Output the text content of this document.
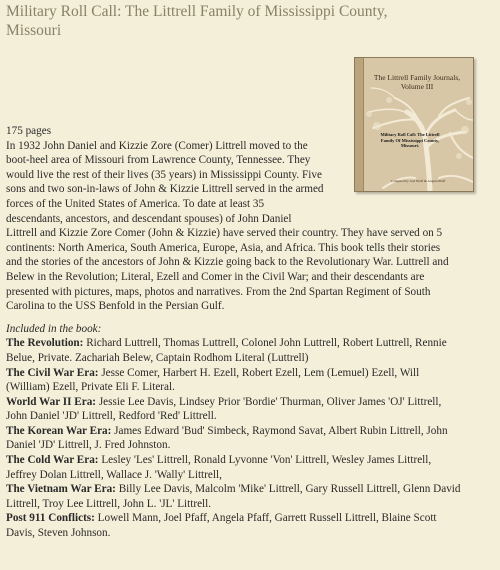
Military Roll Call: The Littrell Family of Mississippi County, Missouri
The Littrell Family Journals, Volume III
Military Roll Call: The Littrell Family Of Mississippi County, Missouri.
Compiled by Joel Pfaff & Angela Pfaff

175 pages

In 1932 John Daniel and Kizzie Zore (Comer) Littrell moved to the
boot-heel area of Missouri from Lawrence County, Tennessee. They
would live the rest of their lives (35 years) in Mississippi County. Five
sons and two son-in-laws of John & Kizzie Littrell served in the armed
forces of the United States of America. To date at least 35
descendants, ancestors, and descendant spouses) of John Daniel
Littrell and Kizzie Zore Comer (John & Kizzie) have served their country. They have served on 5
continents: North America, South America, Europe, Asia, and Africa. This book tells their stories
and the stories of the ancestors of John & Kizzie going back to the Revolutionary War. Luttrell and
Belew in the Revolution; Literal, Ezell and Comer in the Civil War; and their descendants are
presented with pictures, maps, photos and narratives. From the 2nd Spartan Regiment of South
Carolina to the USS Benfold in the Persian Gulf.

Included in the book:

The Revolution: Richard Luttrell, Thomas Luttrell, Colonel John Luttrell, Robert Luttrell, Rennie
Belue, Private. Zachariah Belew, Captain Rodhom Literal (Luttrell)
The Civil War Era: Jesse Comer, Harbert H. Ezell, Robert Ezell, Lem (Lemuel) Ezell, Will
(William) Ezell, Private Eli F. Literal.
World War II Era: Jessie Lee Davis, Lindsey Prior 'Bordie' Thurman, Oliver James 'OJ' Littrell,
John Daniel 'JD' Littrell, Redford 'Red' Littrell.
The Korean War Era: James Edward 'Bud' Simbeck, Raymond Savat, Albert Rubin Littrell, John
Daniel 'JD' Littrell, J. Fred Johnston.
The Cold War Era: Lesley 'Les' Littrell, Ronald Lyvonne 'Von' Littrell, Wesley James Littrell,
Jeffrey Dolan Littrell, Wallace J. 'Wally' Littrell,
The Vietnam War Era: Billy Lee Davis, Malcolm 'Mike' Littrell, Gary Russell Littrell, Glenn David
Littrell, Troy Lee Littrell, John L. 'JL' Littrell.
Post 911 Conflicts: Lowell Mann, Joel Pfaff, Angela Pfaff, Garrett Russell Littrell, Blaine Scott
Davis, Steven Johnson.
